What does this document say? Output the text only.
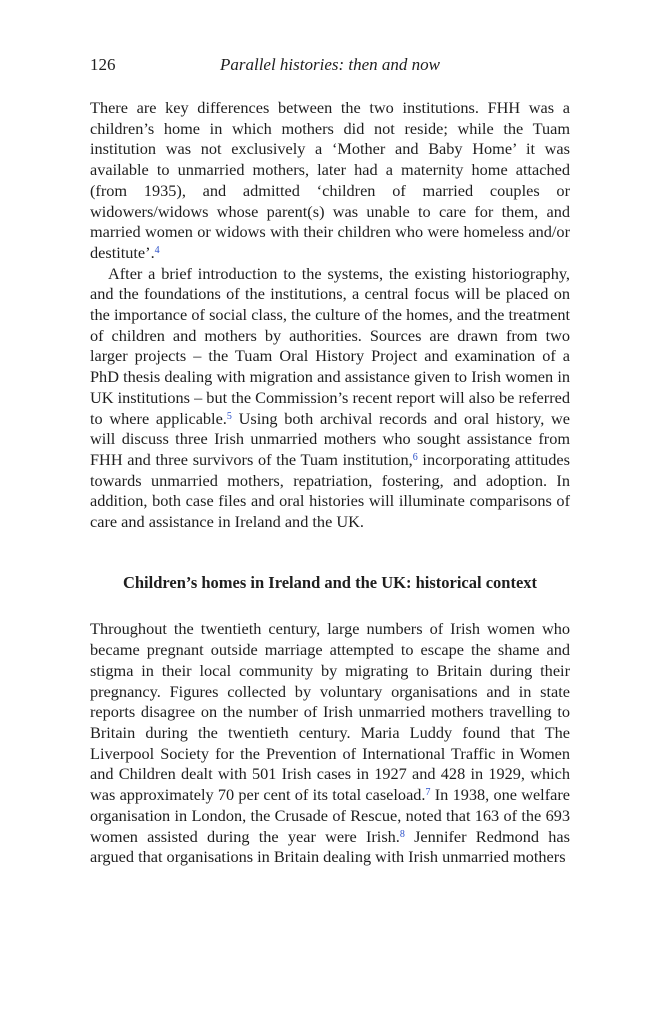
126	Parallel histories: then and now

There are key differences between the two institutions. FHH was a children’s home in which mothers did not reside; while the Tuam institution was not exclusively a ‘Mother and Baby Home’ it was available to unmarried mothers, later had a maternity home attached (from 1935), and admitted ‘children of married couples or widowers/widows whose parent(s) was unable to care for them, and married women or widows with their children who were homeless and/or destitute’.$^4$

After a brief introduction to the systems, the existing historiography, and the foundations of the institutions, a central focus will be placed on the importance of social class, the culture of the homes, and the treatment of children and mothers by authorities. Sources are drawn from two larger projects – the Tuam Oral History Project and examination of a PhD thesis dealing with migration and assistance given to Irish women in UK institutions – but the Commission’s recent report will also be referred to where applicable.$^5$ Using both archival records and oral history, we will discuss three Irish unmarried mothers who sought assistance from FHH and three survivors of the Tuam institution,$^6$ incorporating attitudes towards unmarried mothers, repatriation, fostering, and adoption. In addition, both case files and oral histories will illuminate comparisons of care and assistance in Ireland and the UK.

Children’s homes in Ireland and the UK: historical context

Throughout the twentieth century, large numbers of Irish women who became pregnant outside marriage attempted to escape the shame and stigma in their local community by migrating to Britain during their pregnancy. Figures collected by voluntary organisations and in state reports disagree on the number of Irish unmarried mothers travelling to Britain during the twentieth century. Maria Luddy found that The Liverpool Society for the Prevention of International Traffic in Women and Children dealt with 501 Irish cases in 1927 and 428 in 1929, which was approximately 70 per cent of its total caseload.$^7$ In 1938, one welfare organisation in London, the Crusade of Rescue, noted that 163 of the 693 women assisted during the year were Irish.$^8$ Jennifer Redmond has argued that organisations in Britain dealing with Irish unmarried mothers
